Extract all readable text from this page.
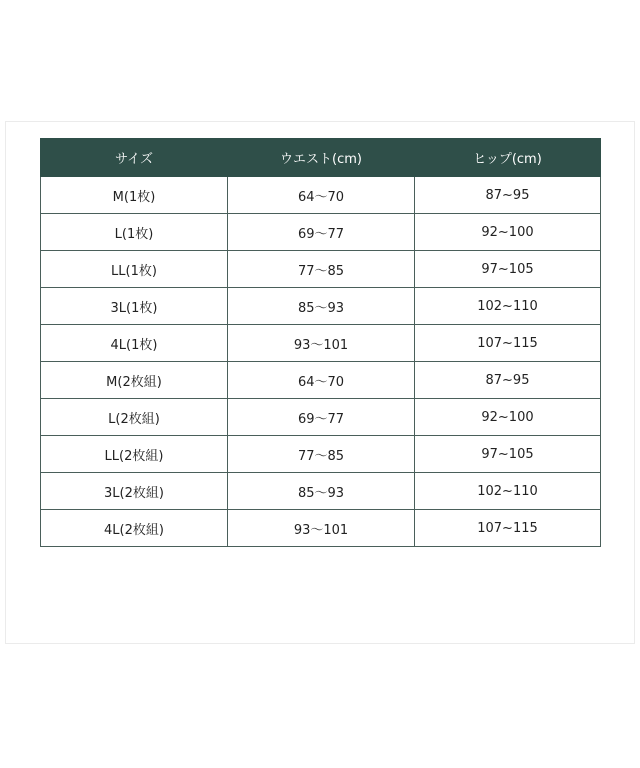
サイズ	ウエスト(cm)	ヒップ(cm)
M(1枚)	64～70	87~95
L(1枚)	69～77	92~100
LL(1枚)	77～85	97~105
3L(1枚)	85～93	102~110
4L(1枚)	93～101	107~115
M(2枚組)	64～70	87~95
L(2枚組)	69～77	92~100
LL(2枚組)	77～85	97~105
3L(2枚組)	85～93	102~110
4L(2枚組)	93～101	107~115
